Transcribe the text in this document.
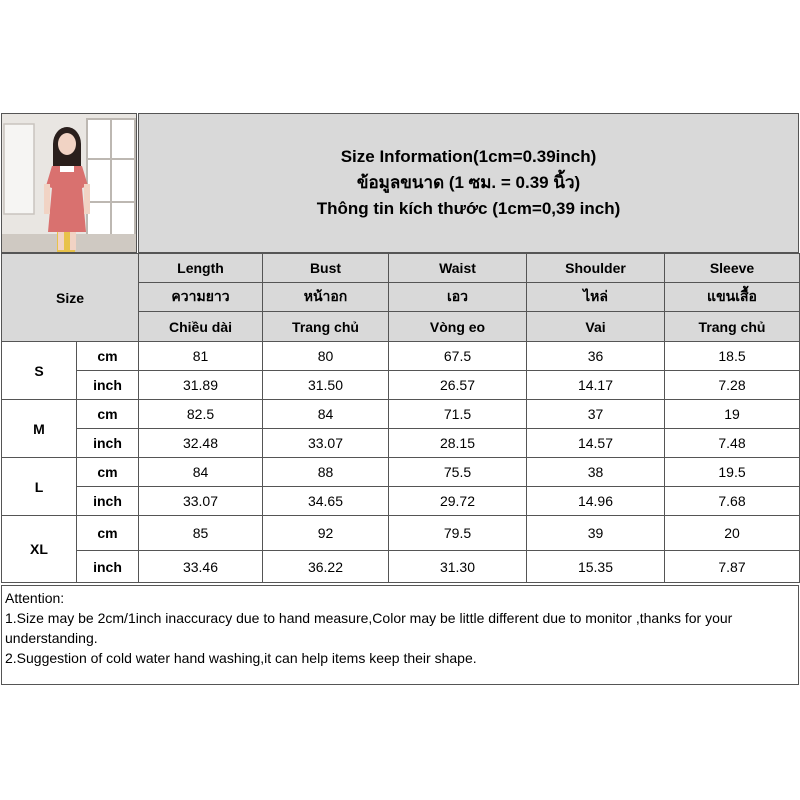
Size Information(1cm=0.39inch)
ข้อมูลขนาด (1 ซม. = 0.39 นิ้ว)
Thông tin kích thước (1cm=0,39 inch)
Size		Length	Bust	Waist	Shoulder	Sleeve
		ความยาว	หน้าอก	เอว	ไหล่	แขนเสื้อ
		Chiều dài	Trang chủ	Vòng eo	Vai	Trang chủ
S	cm	81	80	67.5	36	18.5
	inch	31.89	31.50	26.57	14.17	7.28
M	cm	82.5	84	71.5	37	19
	inch	32.48	33.07	28.15	14.57	7.48
L	cm	84	88	75.5	38	19.5
	inch	33.07	34.65	29.72	14.96	7.68
XL	cm	85	92	79.5	39	20
	inch	33.46	36.22	31.30	15.35	7.87
Attention:
1.Size may be 2cm/1inch inaccuracy due to hand measure,Color may be little different due to monitor ,thanks for your understanding.
2.Suggestion of cold water hand washing,it can help items keep their shape.
